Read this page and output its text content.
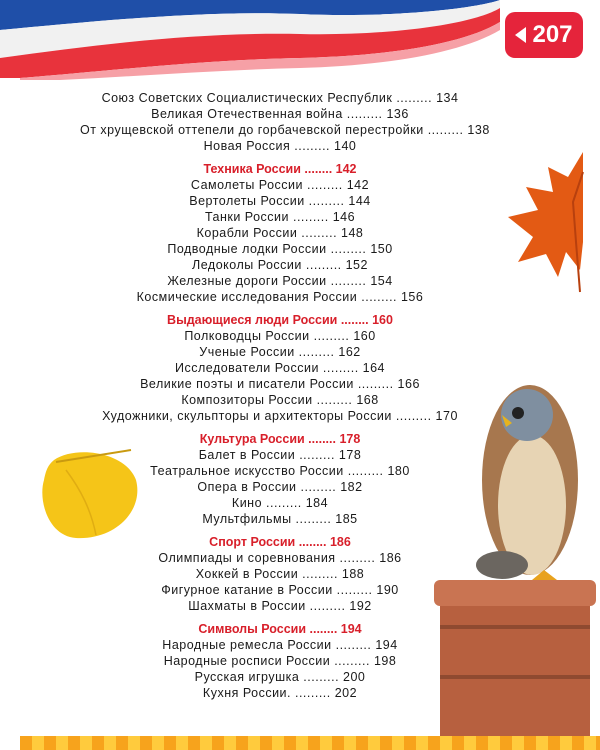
207
Союз Советских Социалистических Республик ......... 134
Великая Отечественная война ......... 136
От хрущевской оттепели до горбачевской перестройки ......... 138
Новая Россия ......... 140
Техника России ........ 142
Самолеты России ......... 142
Вертолеты России ......... 144
Танки России ......... 146
Корабли России ......... 148
Подводные лодки России ......... 150
Ледоколы России ......... 152
Железные дороги России ......... 154
Космические исследования России ......... 156
Выдающиеся люди России ........ 160
Полководцы России ......... 160
Ученые России ......... 162
Исследователи России ......... 164
Великие поэты и писатели России ......... 166
Композиторы России ......... 168
Художники, скульпторы и архитекторы России ......... 170
Культура России ........ 178
Балет в России ......... 178
Театральное искусство России ......... 180
Опера в России ......... 182
Кино ......... 184
Мультфильмы ......... 185
Спорт России ........ 186
Олимпиады и соревнования ......... 186
Хоккей в России ......... 188
Фигурное катание в России ......... 190
Шахматы в России ......... 192
Символы России ........ 194
Народные ремесла России ......... 194
Народные росписи России ......... 198
Русская игрушка ......... 200
Кухня России. ......... 202
